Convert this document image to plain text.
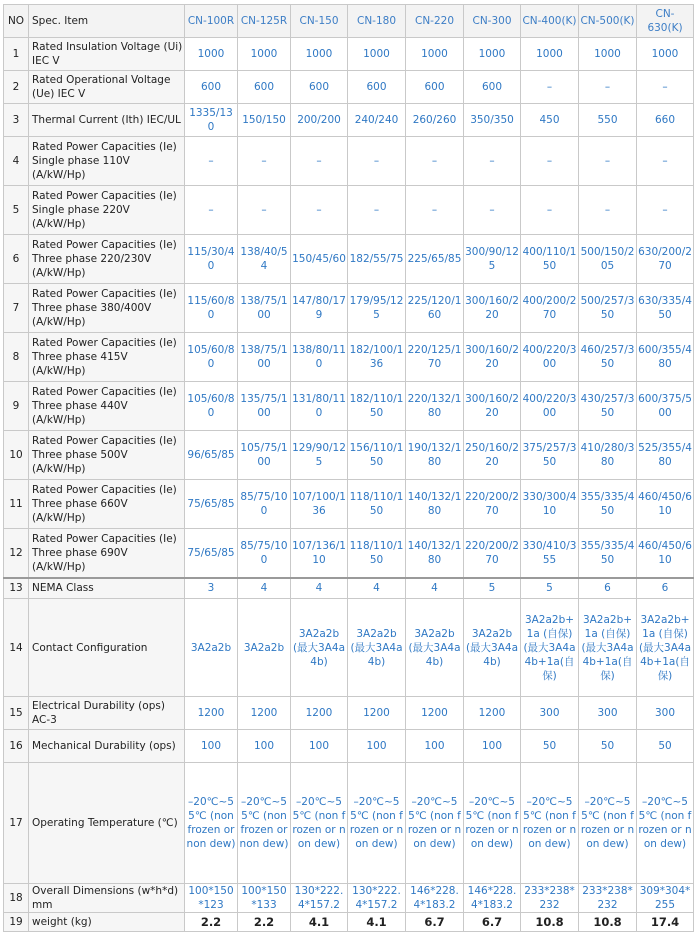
NO	Spec. Item	CN-100R	CN-125R	CN-150	CN-180	CN-220	CN-300	CN-400(K)	CN-500(K)	CN-630(K)
1	Rated Insulation Voltage (Ui) IEC V	1000	1000	1000	1000	1000	1000	1000	1000	1000
2	Rated Operational Voltage (Ue) IEC V	600	600	600	600	600	600	–	–	–
3	Thermal Current (Ith) IEC/UL	1335/130	150/150	200/200	240/240	260/260	350/350	450	550	660
4	Rated Power Capacities (Ie) Single phase 110V (A/kW/Hp)	–	–	–	–	–	–	–	–	–
5	Rated Power Capacities (Ie) Single phase 220V (A/kW/Hp)	–	–	–	–	–	–	–	–	–
6	Rated Power Capacities (Ie) Three phase 220/230V (A/kW/Hp)	115/30/40	138/40/54	150/45/60	182/55/75	225/65/85	300/90/125	400/110/150	500/150/205	630/200/270
7	Rated Power Capacities (Ie) Three phase 380/400V (A/kW/Hp)	115/60/80	138/75/100	147/80/179	179/95/125	225/120/160	300/160/220	400/200/270	500/257/350	630/335/450
8	Rated Power Capacities (Ie) Three phase 415V (A/kW/Hp)	105/60/80	138/75/100	138/80/110	182/100/136	220/125/170	300/160/220	400/220/300	460/257/350	600/355/480
9	Rated Power Capacities (Ie) Three phase 440V (A/kW/Hp)	105/60/80	135/75/100	131/80/110	182/110/150	220/132/180	300/160/220	400/220/300	430/257/350	600/375/500
10	Rated Power Capacities (Ie) Three phase 500V (A/kW/Hp)	96/65/85	105/75/100	129/90/125	156/110/150	190/132/180	250/160/220	375/257/350	410/280/380	525/355/480
11	Rated Power Capacities (Ie) Three phase 660V (A/kW/Hp)	75/65/85	85/75/100	107/100/136	118/110/150	140/132/180	220/200/270	330/300/410	355/335/450	460/450/610
12	Rated Power Capacities (Ie) Three phase 690V (A/kW/Hp)	75/65/85	85/75/100	107/136/110	118/110/150	140/132/180	220/200/270	330/410/355	355/335/450	460/450/610
13	NEMA Class	3	4	4	4	4	5	5	6	6
14	Contact Configuration	3A2a2b	3A2a2b	3A2a2b (最大3A4a4b)	3A2a2b (最大3A4a4b)	3A2a2b (最大3A4a4b)	3A2a2b (最大3A4a4b)	3A2a2b+1a (自保)(最大3A4a4b+1a(自保)	3A2a2b+1a (自保)(最大3A4a4b+1a(自保)	3A2a2b+1a (自保)(最大3A4a4b+1a(自保)
15	Electrical Durability (ops) AC-3	1200	1200	1200	1200	1200	1200	300	300	300
16	Mechanical Durability (ops)	100	100	100	100	100	100	50	50	50
17	Operating Temperature (℃)	–20℃~55℃ (non frozen or non dew)	–20℃~55℃ (non frozen or non dew)	–20℃~55℃ (non frozen or non dew)	–20℃~55℃ (non frozen or non dew)	–20℃~55℃ (non frozen or non dew)	–20℃~55℃ (non frozen or non dew)	–20℃~55℃ (non frozen or non dew)	–20℃~55℃ (non frozen or non dew)	–20℃~55℃ (non frozen or non dew)
18	Overall Dimensions (w*h*d) mm	100*150*123	100*150*133	130*222.4*157.2	130*222.4*157.2	146*228.4*183.2	146*228.4*183.2	233*238*232	233*238*232	309*304*255
19	weight (kg)	2.2	2.2	4.1	4.1	6.7	6.7	10.8	10.8	17.4
